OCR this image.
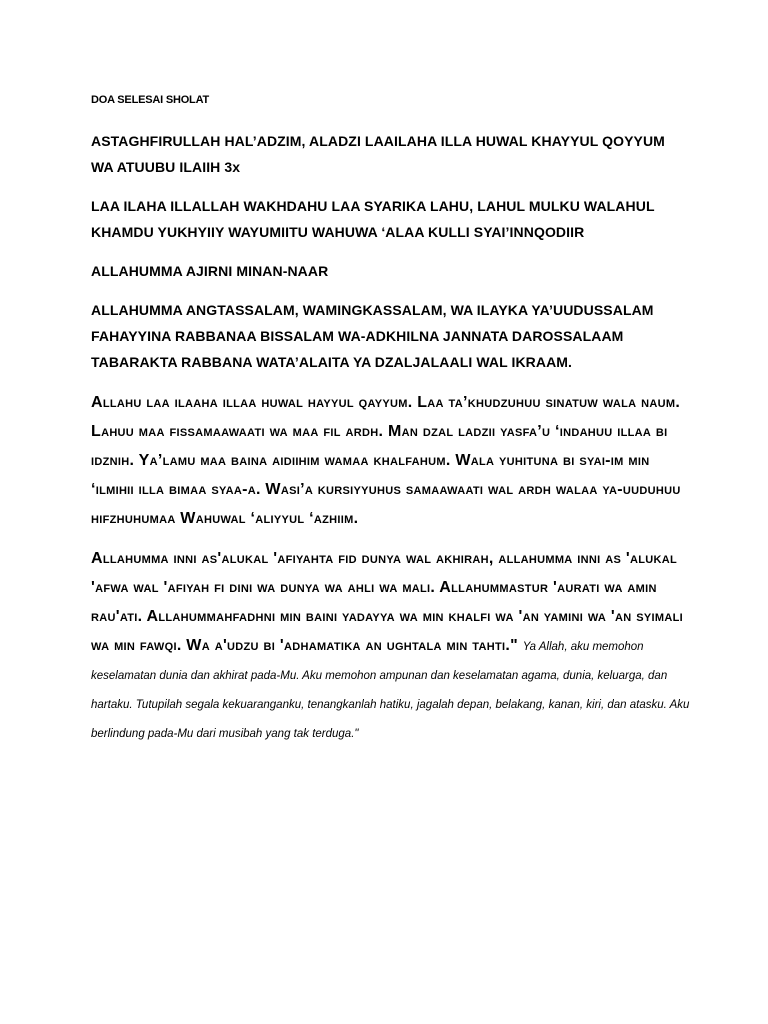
DOA SELESAI SHOLAT

ASTAGHFIRULLAH HAL’ADZIM, ALADZI LAAILAHA ILLA HUWAL KHAYYUL QOYYUM WA ATUUBU ILAIIH 3x

LAA ILAHA ILLALLAH WAKHDAHU LAA SYARIKA LAHU, LAHUL MULKU WALAHUL KHAMDU YUKHYIIY WAYUMIITU WAHUWA ‘ALAA KULLI SYAI’INNQODIIR

ALLAHUMMA AJIRNI MINAN-NAAR

ALLAHUMMA ANGTASSALAM, WAMINGKASSALAM, WA ILAYKA YA’UUDUSSALAM FAHAYYINA RABBANAA BISSALAM WA-ADKHILNA JANNATA DAROSSALAAM TABARAKTA RABBANA WATA’ALAITA YA DZALJALAALI WAL IKRAAM.

Allahu laa ilaaha illaa huwal hayyul qayyum. Laa ta’khudzuhuu sinatuw wala naum. Lahuu maa fissamaawaati wa maa fil ardh. Man dzal ladzii yasfa’u ‘indahuu illaa bi idznih. Ya’lamu maa baina aidiihim wamaa khalfahum. Wala yuhituna bi syai-im min ‘ilmihii illa bimaa syaa-a. Wasi’a kursiyyuhus samaawaati wal ardh walaa ya-uuduhuu hifzhuhumaa Wahuwal ‘aliyyul ‘azhiim.

Allahumma inni as'alukal 'afiyahta fid dunya wal akhirah, allahumma inni as 'alukal 'afwa wal 'afiyah fi dini wa dunya wa ahli wa mali. Allahummastur 'aurati wa amin rau'ati. Allahummahfadhni min baini yadayya wa min khalfi wa 'an yamini wa 'an syimali wa min fawqi. Wa a'udzu bi 'adhamatika an ughtala min tahti." Ya Allah, aku memohon keselamatan dunia dan akhirat pada-Mu. Aku memohon ampunan dan keselamatan agama, dunia, keluarga, dan hartaku. Tutupilah segala kekuaranganku, tenangkanlah hatiku, jagalah depan, belakang, kanan, kiri, dan atasku. Aku berlindung pada-Mu dari musibah yang tak terduga."
